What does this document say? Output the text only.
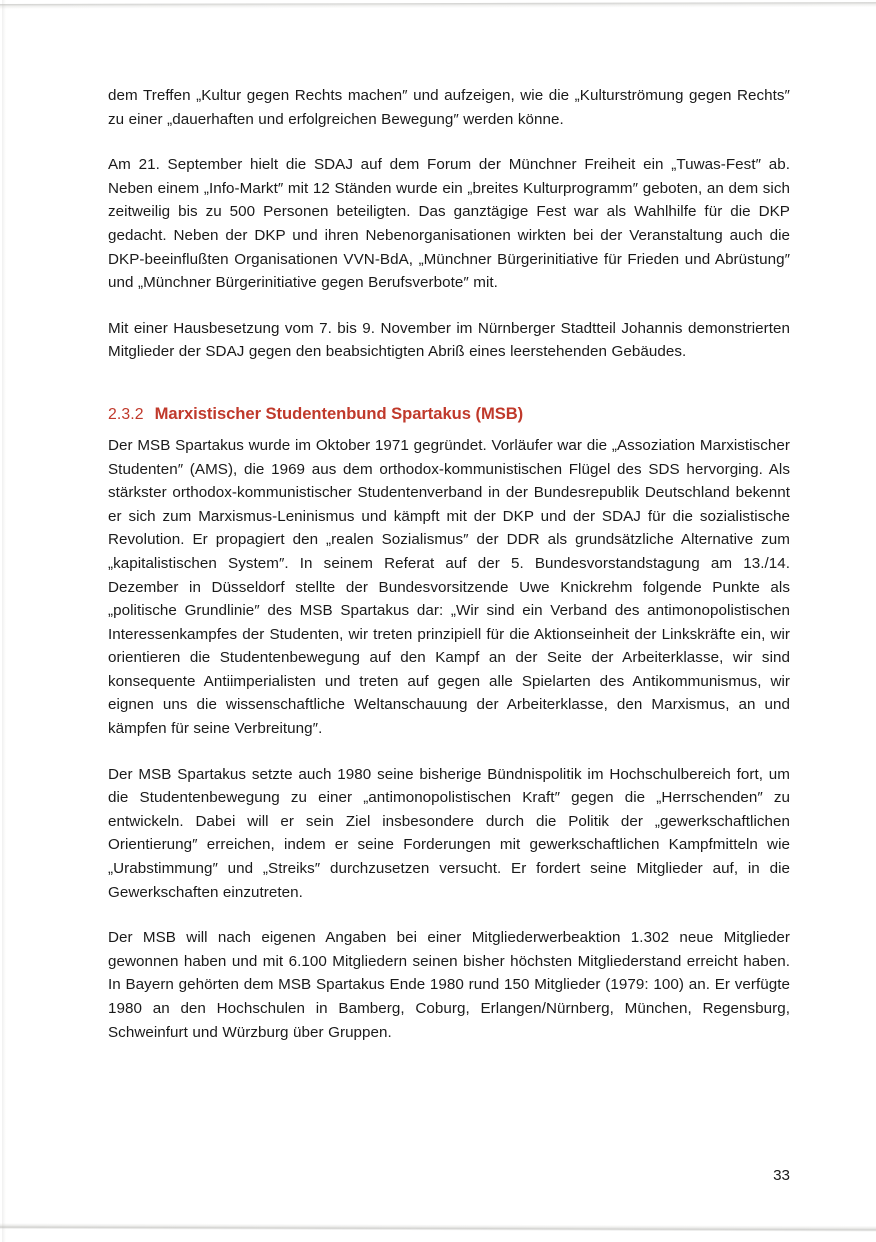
dem Treffen „Kultur gegen Rechts machen″ und aufzeigen, wie die „Kulturströmung gegen Rechts″ zu einer „dauerhaften und erfolgreichen Bewegung″ werden könne.

Am 21. September hielt die SDAJ auf dem Forum der Münchner Freiheit ein „Tuwas-Fest″ ab. Neben einem „Info-Markt″ mit 12 Ständen wurde ein „breites Kulturprogramm″ geboten, an dem sich zeitweilig bis zu 500 Personen beteiligten. Das ganztägige Fest war als Wahlhilfe für die DKP gedacht. Neben der DKP und ihren Nebenorganisationen wirkten bei der Veranstaltung auch die DKP-beeinflußten Organisationen VVN-BdA, „Münchner Bürgerinitiative für Frieden und Abrüstung″ und „Münchner Bürgerinitiative gegen Berufsverbote″ mit.

Mit einer Hausbesetzung vom 7. bis 9. November im Nürnberger Stadtteil Johannis demonstrierten Mitglieder der SDAJ gegen den beabsichtigten Abriß eines leerstehenden Gebäudes.

2.3.2 Marxistischer Studentenbund Spartakus (MSB)

Der MSB Spartakus wurde im Oktober 1971 gegründet. Vorläufer war die „Assoziation Marxistischer Studenten″ (AMS), die 1969 aus dem orthodox-kommunistischen Flügel des SDS hervorging. Als stärkster orthodox-kommunistischer Studentenverband in der Bundesrepublik Deutschland bekennt er sich zum Marxismus-Leninismus und kämpft mit der DKP und der SDAJ für die sozialistische Revolution. Er propagiert den „realen Sozialismus″ der DDR als grundsätzliche Alternative zum „kapitalistischen System″. In seinem Referat auf der 5. Bundesvorstandstagung am 13./14. Dezember in Düsseldorf stellte der Bundesvorsitzende Uwe Knickrehm folgende Punkte als „politische Grundlinie″ des MSB Spartakus dar: „Wir sind ein Verband des antimonopolistischen Interessenkampfes der Studenten, wir treten prinzipiell für die Aktionseinheit der Linkskräfte ein, wir orientieren die Studentenbewegung auf den Kampf an der Seite der Arbeiterklasse, wir sind konsequente Antiimperialisten und treten auf gegen alle Spielarten des Antikommunismus, wir eignen uns die wissenschaftliche Weltanschauung der Arbeiterklasse, den Marxismus, an und kämpfen für seine Verbreitung″.

Der MSB Spartakus setzte auch 1980 seine bisherige Bündnispolitik im Hochschulbereich fort, um die Studentenbewegung zu einer „antimonopolistischen Kraft″ gegen die „Herrschenden″ zu entwickeln. Dabei will er sein Ziel insbesondere durch die Politik der „gewerkschaftlichen Orientierung″ erreichen, indem er seine Forderungen mit gewerkschaftlichen Kampfmitteln wie „Urabstimmung″ und „Streiks″ durchzusetzen versucht. Er fordert seine Mitglieder auf, in die Gewerkschaften einzutreten.

Der MSB will nach eigenen Angaben bei einer Mitgliederwerbeaktion 1.302 neue Mitglieder gewonnen haben und mit 6.100 Mitgliedern seinen bisher höchsten Mitgliederstand erreicht haben. In Bayern gehörten dem MSB Spartakus Ende 1980 rund 150 Mitglieder (1979: 100) an. Er verfügte 1980 an den Hochschulen in Bamberg, Coburg, Erlangen/Nürnberg, München, Regensburg, Schweinfurt und Würzburg über Gruppen.

33
